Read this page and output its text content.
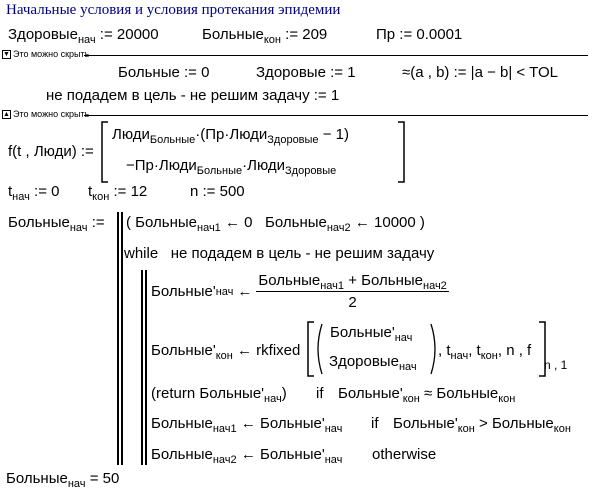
Начальные условия и условия протекания эпидемии
Здоровые$_{нач}$ := 20000	Больные$_{кон}$ := 209	Пр := 0.0001
▼ Это можно скрыть
Больные := 0	Здоровые := 1	≈(a , b) := |a − b| < TOL
не подадем в цель - не решим задачу := 1
▲ Это можно скрыть
f(t , Люди) :=
Люди$_{Больные}$·(Пр·Люди$_{Здоровые}$ − 1)
−Пр·Люди$_{Больные}$·Люди$_{Здоровые}$
$t_{нач}$ := 0 $t_{кон}$ := 12	n := 500
Больные$_{нач}$ := ( Больные$_{нач1}$ ← 0 Больные$_{нач2}$ ← 10000 )
while не подадем в цель - не решим задачу
Больные' нач ← $\frac{Больные_{нач1} + Больные_{нач2}}{2}$
$Больные'_{кон}$ ← rkfixed
$Больные'_{нач}$
Здоровые$_{нач}$
, $t_{нач}$, $t_{кон}$, n , f
$_{n , 1}$
(return $Больные'_{нач}$) if $Больные'_{кон}$ ≈ Больные$_{кон}$
Больные$_{нач1}$ ← $Больные'_{нач}$ if $Больные'_{кон}$ > Больные$_{кон}$
Больные$_{нач2}$ ← $Больные'_{нач}$ otherwise
Больные$_{нач}$ = 50
